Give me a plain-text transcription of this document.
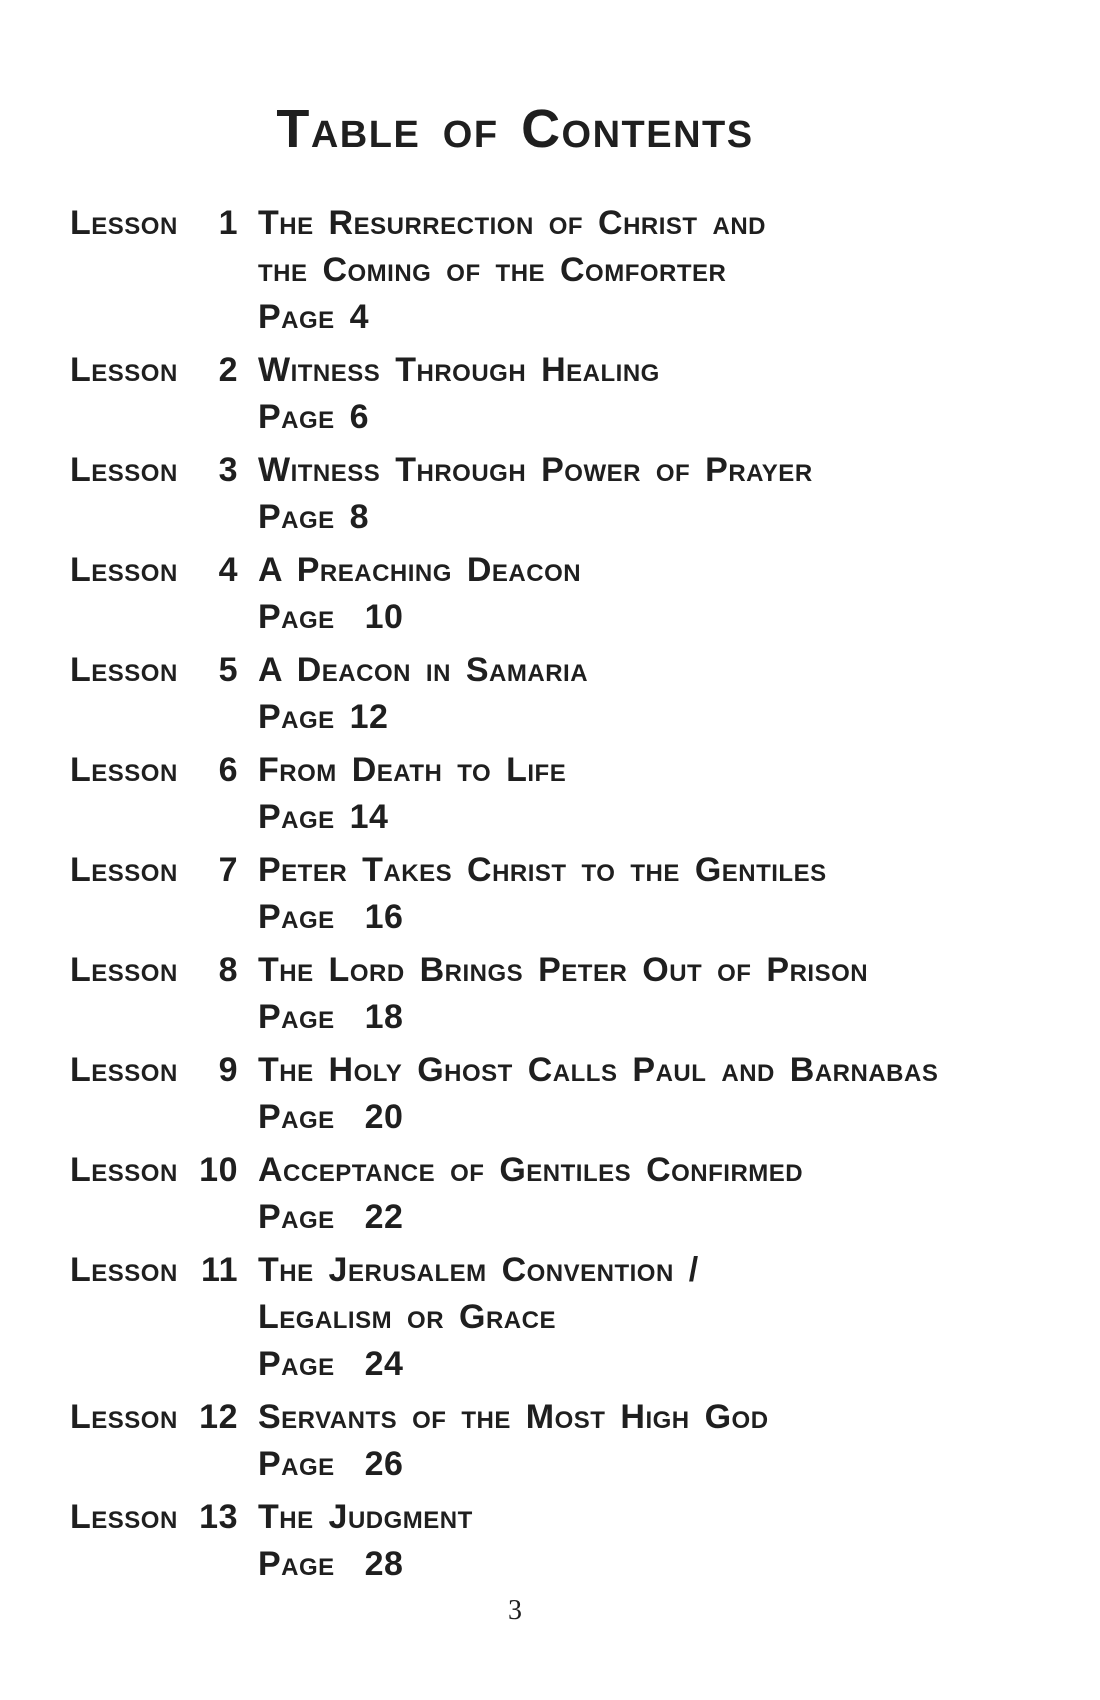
Table of Contents
Lesson	1 The Resurrection of Christ and
the Coming of the Comforter
Page 4
Lesson	2 Witness Through Healing
Page 6
Lesson	3 Witness Through Power of Prayer
Page 8
Lesson	4 A Preaching Deacon
Page  10
Lesson	5 A Deacon in Samaria
Page 12
Lesson	6 From Death to Life
Page 14
Lesson	7 Peter Takes Christ to the Gentiles
Page  16
Lesson	8 The Lord Brings Peter Out of Prison
Page  18
Lesson	9 The Holy Ghost Calls Paul and Barnabas
Page  20
Lesson 10 Acceptance of Gentiles Confirmed
Page  22
Lesson 11 The Jerusalem Convention /
Legalism or Grace
Page  24
Lesson 12 Servants of the Most High God
Page  26
Lesson 13 The Judgment
Page  28
3
